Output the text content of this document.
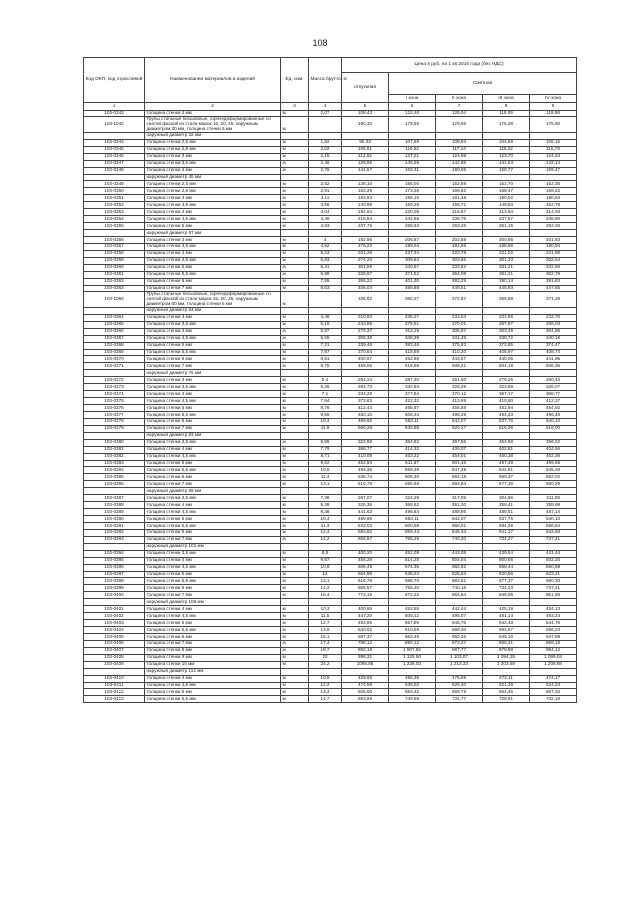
108
Код ОКП, код отраслевой	Наименование материалов и изделий	Ед. изм.	Масса брутто, кг	Цена в руб. на 1 кв 2016 года (без НДС)				
				отпускная	Сметная			
					I зона	II зона	III зона	IV зона
1	2	3	4	5	6	7	8	9
103-0343	толщина стенки 4 мм	м	2,07	108,43	122,48	125,04	119,09	118,58
103-1042	Трубы стальные бесшовные, горячедеформированные со снятой фаской из стали марок 15, 20, 25, наружным диаметром 30 мм, толщина стенки 5 мм	м		190,30	179,59	179,66	175,28	175,90
	наружный диаметр 32 мм							
103-0344	толщина стенки 2,5 мм	м	1,82	95,33	107,69	109,53	104,68	105,15
103-0345	толщина стенки 2,8 мм	м	2,02	105,81	119,52	117,14	116,22	116,79
103-0346	толщина стенки 3 мм	м	2,15	112,62	127,21	124,68	123,70	124,24
103-0347	толщина стенки 3,5 мм	м	2,46	128,85	145,58	142,86	141,53	142,14
103-0348	толщина стенки 4 мм	м	2,76	144,57	163,31	160,05	158,77	159,47
	наружный диаметр 45 мм							
103-0349	толщина стенки 2,5 мм	м	2,62	138,10	156,00	152,89	151,70	152,35
103-0350	толщина стенки 2,8 мм	м	2,91	153,29	173,26	169,82	168,47	169,22
103-0351	толщина стенки 3 мм	м	3,11	163,93	185,15	181,48	180,02	180,84
103-0352	толщина стенки 3,5 мм	м	3,56	140,99	159,28	155,71	149,83	152,78
103-0353	толщина стенки 4 мм	м	4,04	194,84	220,09	215,67	213,94	214,93
103-0354	толщина стенки 4,5 мм	м	4,49	216,54	244,56	239,76	237,87	238,90
103-0355	толщина стенки 5 мм	м	4,93	237,76	268,63	263,26	261,15	262,26
	наружный диаметр 57 мм							
103-0356	толщина стенки 3 мм	м	4	182,96	206,67	202,58	200,95	201,83
103-0357	толщина стенки 3,5 мм	м	4,62	176,22	199,04	194,56	188,96	190,94
103-0358	толщина стенки 4 мм	м	5,23	201,26	227,34	222,78	221,02	221,98
103-0359	толщина стенки 4,5 мм	м	5,83	274,20	309,84	303,66	301,23	302,54
103-0360	толщина стенки 5 мм	м	6,41	301,59	340,67	333,92	331,21	332,66
103-0361	толщина стенки 5,5 мм	м	6,99	328,87	371,52	364,08	361,21	362,78
103-0362	толщина стенки 6 мм	м	7,55	355,22	401,30	393,29	390,14	391,83
103-0363	толщина стенки 7 мм	м	8,63	406,04	458,68	449,51	445,93	447,85
103-1060	Трубы стальные бесшовные, горячедеформированные со снятой фаской из стали марок 15, 20, 25, наружным диаметром 60 мм, толщина стенки 5 мм	м		336,82	380,27	372,87	369,88	371,29
	наружный диаметр 64 мм							
103-0364	толщина стенки 3 мм	м	4,48	210,93	238,27	233,54	231,66	232,70
103-0365	толщина стенки 3,5 мм	м	5,18	243,89	275,51	270,01	267,87	269,03
103-0366	толщина стенки 4 мм	м	5,87	276,37	312,18	305,97	303,49	304,86
103-0367	толщина стенки 4,5 мм	м	6,55	308,38	348,39	341,45	338,72	340,18
103-0368	толщина стенки 5 мм	м	7,21	339,46	383,46	375,83	372,85	374,47
103-0369	толщина стенки 5,5 мм	м	7,87	370,54	418,59	410,20	406,97	408,74
103-0370	толщина стенки 6 мм	м	8,51	400,67	452,60	443,57	440,05	441,95
103-0371	толщина стенки 7 мм	м	9,75	459,06	518,56	508,21	504,18	506,35
	наружный диаметр 76 мм							
103-0372	толщина стенки 3 мм	м	5,4	254,24	287,20	281,50	279,26	280,43
103-0373	толщина стенки 3,5 мм	м	6,26	294,73	332,93	326,29	323,68	325,07
103-0374	толщина стенки 4 мм	м	7,1	334,28	377,64	370,12	367,17	368,77
103-0375	толщина стенки 4,5 мм	м	7,94	373,83	422,32	413,89	410,60	412,37
103-0376	толщина стенки 5 мм	м	8,76	412,44	465,97	456,58	452,94	454,92
103-0377	толщина стенки 5,5 мм	м	9,56	450,10	508,44	498,29	494,33	496,48
103-0378	толщина стенки 6 мм	м	10,4	489,65	553,11	542,07	537,76	540,10
103-0379	толщина стенки 7 мм	м	11,9	560,28	632,88	620,27	615,36	618,00
	наружный диаметр 83 мм							
103-0380	толщина стенки 3,5 мм	м	6,86	322,98	364,82	357,55	354,68	356,22
103-0381	толщина стенки 4 мм	м	7,79	366,77	414,32	406,07	402,81	404,56
103-0382	толщина стенки 4,5 мм	м	8,71	410,08	463,22	454,01	450,38	452,36
103-0383	толщина стенки 5 мм	м	9,62	452,93	511,67	501,46	497,49	499,65
103-0384	толщина стенки 5,5 мм	м	10,5	494,36	558,39	547,29	542,91	545,28
103-0385	толщина стенки 6 мм	м	11,4	536,74	606,30	594,18	589,47	592,02
103-0386	толщина стенки 7 мм	м	13,1	616,78	696,69	682,84	677,39	680,29
	наружный диаметр 89 мм							
103-0387	толщина стенки 3,5 мм	м	7,38	287,07	324,28	317,05	304,66	311,08
103-0388	толщина стенки 4 мм	м	8,38	326,36	368,62	361,30	358,41	359,98
103-0389	толщина стенки 4,5 мм	м	9,38	441,63	498,84	488,95	485,01	487,14
103-0390	толщина стенки 5 мм	м	10,4	489,65	553,11	542,07	537,76	540,10
103-0391	толщина стенки 5,5 мм	м	11,3	532,03	600,98	589,01	584,29	586,84
103-0392	толщина стенки 6 мм	м	12,4	583,82	659,44	646,34	641,17	643,93
103-0393	толщина стенки 7 мм	м	14,2	668,57	755,26	740,20	734,27	737,41
	наружный диаметр 102 мм							
103-0394	толщина стенки 3,5 мм	м	8,5	400,20	452,09	443,08	439,54	441,44
103-0395	толщина стенки 4 мм	м	9,67	455,28	514,28	504,04	500,06	502,20
103-0396	толщина стенки 4,5 мм	м	10,8	508,49	574,35	562,92	558,44	560,88
103-0397	толщина стенки 5 мм	м	12	564,98	638,23	625,53	620,56	623,21
103-0398	толщина стенки 5,5 мм	м	13,1	616,78	696,70	682,81	677,37	680,30
103-0399	толщина стенки 6 мм	м	14,2	668,57	755,20	740,16	734,23	737,41
103-0400	толщина стенки 7 мм	м	16,4	772,15	872,22	854,84	848,06	851,65
	наружный диаметр 108 мм							
103-0401	толщина стенки 4 мм	м	10,3	400,66	452,55	442,44	425,19	434,13
103-0402	толщина стенки 4,5 мм	м	11,5	447,20	505,12	495,07	491,14	493,24
103-0403	толщина стенки 5 мм	м	12,7	493,85	557,89	546,76	542,43	544,76
103-0404	толщина стенки 5,5 мм	м	13,9	540,52	610,59	598,40	593,67	596,23
103-0405	толщина стенки 6 мм	м	15,1	587,37	663,48	650,26	645,10	647,88
103-0406	толщина стенки 7 мм	м	17,4	788,12	890,12	872,37	865,41	869,18
103-0407	толщина стенки 8 мм	м	19,7	892,18	1 007,82	987,77	979,88	984,12
103-0408	толщина стенки 9 мм	м	22	996,31	1 125,50	1 103,07	1 094,28	1 099,04
103-0409	толщина стенки 10 мм	м	24,2	1095,98	1 238,03	1 213,33	1 203,69	1 208,88
	наружный диаметр 114 мм							
103-0410	толщина стенки 4 мм	м	10,9	429,65	485,36	475,69	472,11	474,17
103-0411	толщина стенки 4,5 мм	м	12,2	474,58	536,02	525,40	521,28	524,24
103-0412	толщина стенки 5 мм	м	13,4	605,00	683,42	669,79	664,46	667,34
103-0413	толщина стенки 5,5 мм	м	14,7	663,69	749,69	734,77	728,91	732,10
